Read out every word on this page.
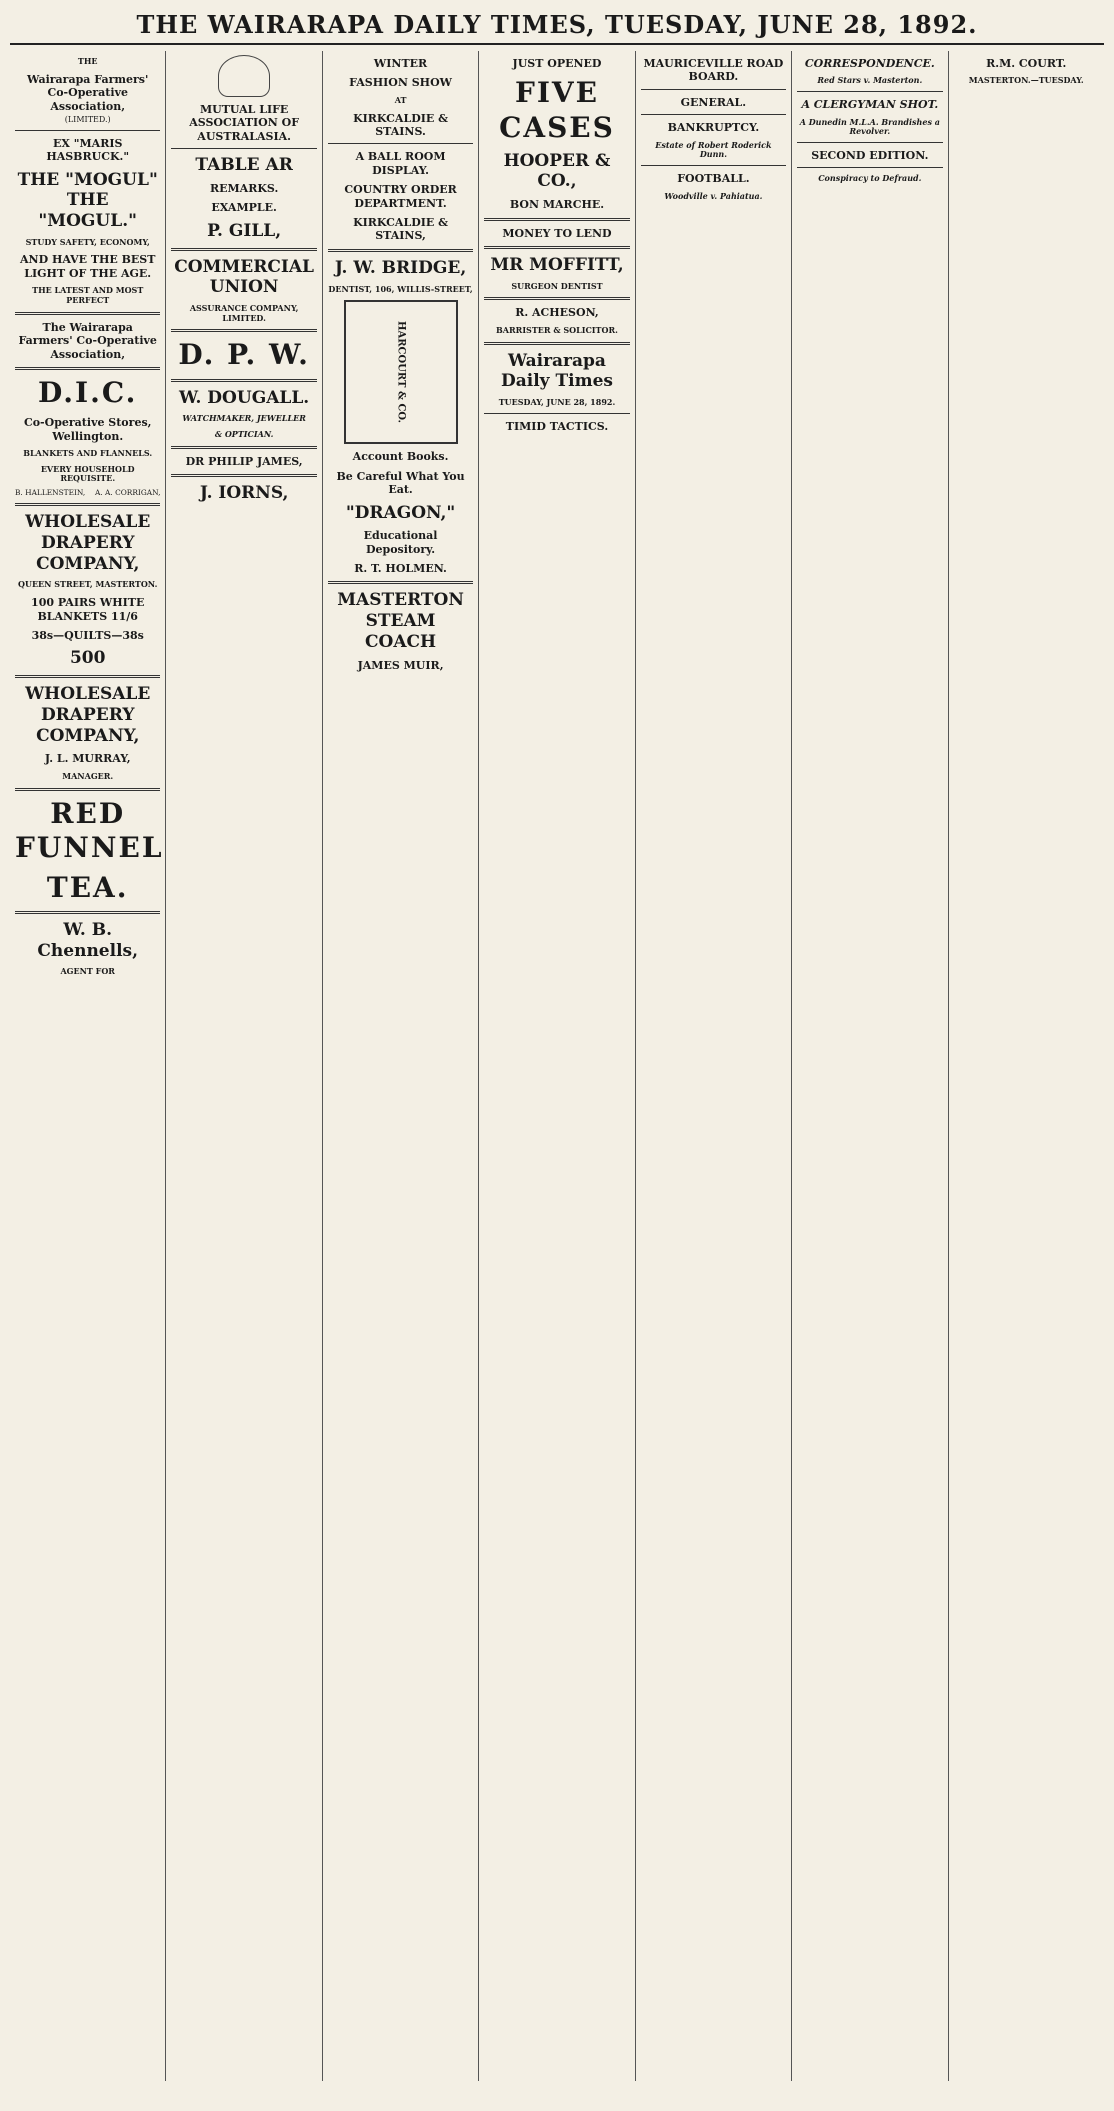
THE WAIRARAPA DAILY TIMES, TUESDAY, JUNE 28, 1892.
THE
Wairarapa Farmers' Co-Operative Association,
(LIMITED.)
EX "MARIS HASBRUCK."
THE "MOGUL" THE "MOGUL."
STUDY SAFETY, ECONOMY,
AND HAVE THE BEST LIGHT OF THE AGE.
THE LATEST AND MOST PERFECT
The Wairarapa Farmers' Co-Operative Association,
D.I.C.
Co-Operative Stores, Wellington.
BLANKETS AND FLANNELS.
EVERY HOUSEHOLD REQUISITE.
B. HALLENSTEIN, A. A. CORRIGAN,
WHOLESALE DRAPERY COMPANY,
QUEEN STREET, MASTERTON.
100 PAIRS WHITE BLANKETS 11/6
38s—QUILTS—38s
500
WHOLESALE DRAPERY COMPANY,
J. L. MURRAY,
MANAGER.
RED FUNNEL
TEA.
W. B. Chennells,
AGENT FOR
MUTUAL LIFE ASSOCIATION OF AUSTRALASIA.
TABLE AR
REMARKS.
EXAMPLE.
P. GILL,
COMMERCIAL UNION
ASSURANCE COMPANY, LIMITED.
D. P. W.
W. DOUGALL.
WATCHMAKER, JEWELLER
& OPTICIAN.
DR PHILIP JAMES,
J. IORNS,
WINTER
FASHION SHOW
AT
KIRKCALDIE & STAINS.
A BALL ROOM DISPLAY.
COUNTRY ORDER DEPARTMENT.
KIRKCALDIE & STAINS,
J. W. BRIDGE,
DENTIST, 106, WILLIS-STREET,
HARCOURT & CO.
Account Books.
Be Careful What You Eat.
"DRAGON,"
Educational Depository.
R. T. HOLMEN.
MASTERTON STEAM COACH
JAMES MUIR,
JUST OPENED
FIVE CASES
HOOPER & CO.,
BON MARCHE.
MONEY TO LEND
MR MOFFITT,
SURGEON DENTIST
R. ACHESON,
BARRISTER & SOLICITOR.
Wairarapa Daily Times
TUESDAY, JUNE 28, 1892.
TIMID TACTICS.
MAURICEVILLE ROAD BOARD.
GENERAL.
BANKRUPTCY.
Estate of Robert Roderick Dunn.
FOOTBALL.
Woodville v. Pahiatua.
CORRESPONDENCE.
Red Stars v. Masterton.
A CLERGYMAN SHOT.
A Dunedin M.L.A. Brandishes a Revolver.
SECOND EDITION.
Conspiracy to Defraud.
R.M. COURT.
MASTERTON.—TUESDAY.
